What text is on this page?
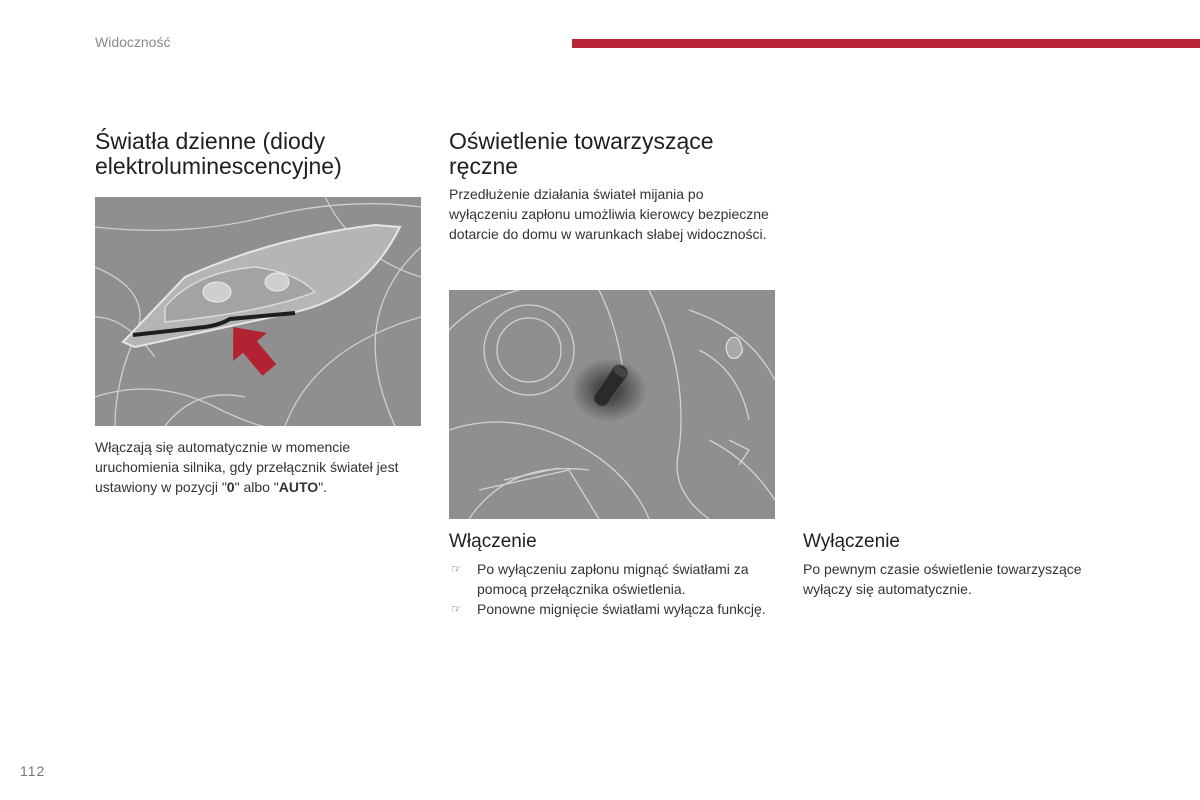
Widoczność
Światła dzienne (diody elektroluminescencyjne)

Włączają się automatycznie w momencie uruchomienia silnika, gdy przełącznik świateł jest ustawiony w pozycji "0" albo "AUTO".

Oświetlenie towarzyszące ręczne

Przedłużenie działania świateł mijania po wyłączeniu zapłonu umożliwia kierowcy bezpieczne dotarcie do domu w warunkach słabej widoczności.

Włączenie
☞ Po wyłączeniu zapłonu mignąć światłami za pomocą przełącznika oświetlenia.
☞ Ponowne mignięcie światłami wyłącza funkcję.
Wyłączenie

Po pewnym czasie oświetlenie towarzyszące wyłączy się automatycznie.

112
